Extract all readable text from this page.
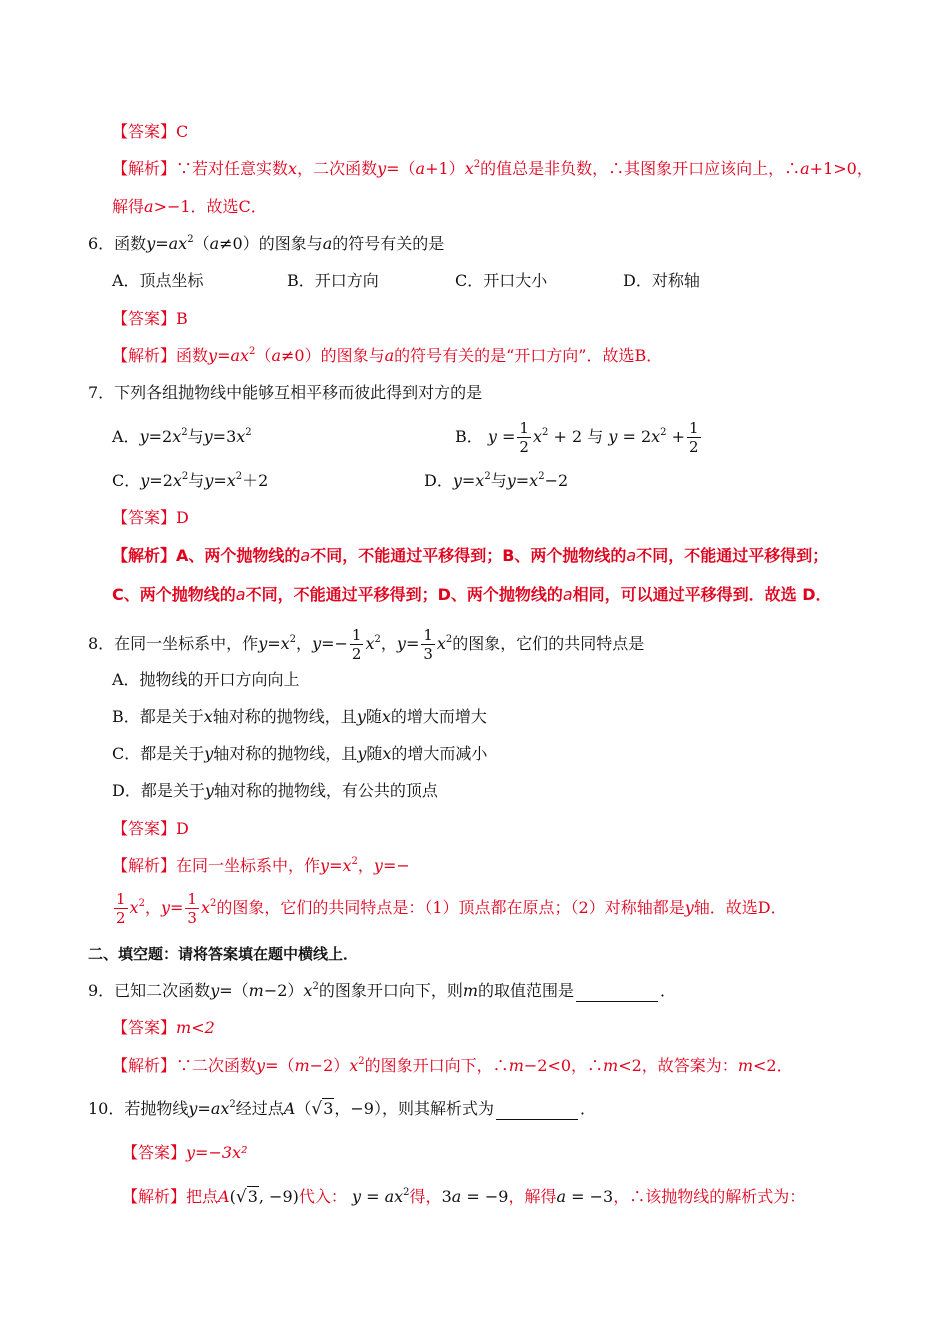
【答案】C
【解析】∵若对任意实数x，二次函数$y=(a+1)x^2$的值总是非负数，∴其图象开口应该向上，∴a+1>0，
解得a>−1．故选C．
6．函数$y=ax^2(a\ne 0)$的图象与a的符号有关的是
A．顶点坐标	B．开口方向	C．开口大小	D．对称轴
【答案】B
【解析】函数$y=ax^2(a\ne 0)$的图象与a的符号有关的是“开口方向”．故选B．
7．下列各组抛物线中能够互相平移而彼此得到对方的是
A．$y=2x^2$与$y=3x^2$	B． $y = \frac{1}{2} x^2 + 2$ 与 $y = 2x^2 + \frac{1}{2}$
C．$y=2x^2$与$y=x^2+2$	D．$y=x^2$与$y=x^2-2$
【答案】D
【解析】A、两个抛物线的a不同，不能通过平移得到；B、两个抛物线的a不同，不能通过平移得到；
C、两个抛物线的a不同，不能通过平移得到；D、两个抛物线的a相同，可以通过平移得到．故选 D．
8．在同一坐标系中，作$y=x^2$，$y=- \frac{1}{2} x^2$，$y= \frac{1}{3} x^2$的图象，它们的共同特点是
A．抛物线的开口方向向上
B．都是关于x轴对称的抛物线，且y随x的增大而增大
C．都是关于y轴对称的抛物线，且y随x的增大而减小
D．都是关于y轴对称的抛物线，有公共的顶点
【答案】D
【解析】在同一坐标系中，作$y=x^2$，y=−
$\frac{1}{2} x^2$，$y= \frac{1}{3} x^2$的图象，它们的共同特点是：（1）顶点都在原点；（2）对称轴都是y轴．故选D．
二、填空题：请将答案填在题中横线上．
9．已知二次函数$y=(m-2)x^2$的图象开口向下，则m的取值范围是	．
【答案】m<2
【解析】∵二次函数$y=(m-2)x^2$的图象开口向下，∴m−2<0，∴m<2，故答案为：m<2．
10．若抛物线$y=ax^2$经过点A（√3，−9），则其解析式为	．
【答案】y=−3x²
【解析】把点A(√3, −9)代入： $y = ax^2$得，3a = −9，解得a = −3，∴该抛物线的解析式为：
